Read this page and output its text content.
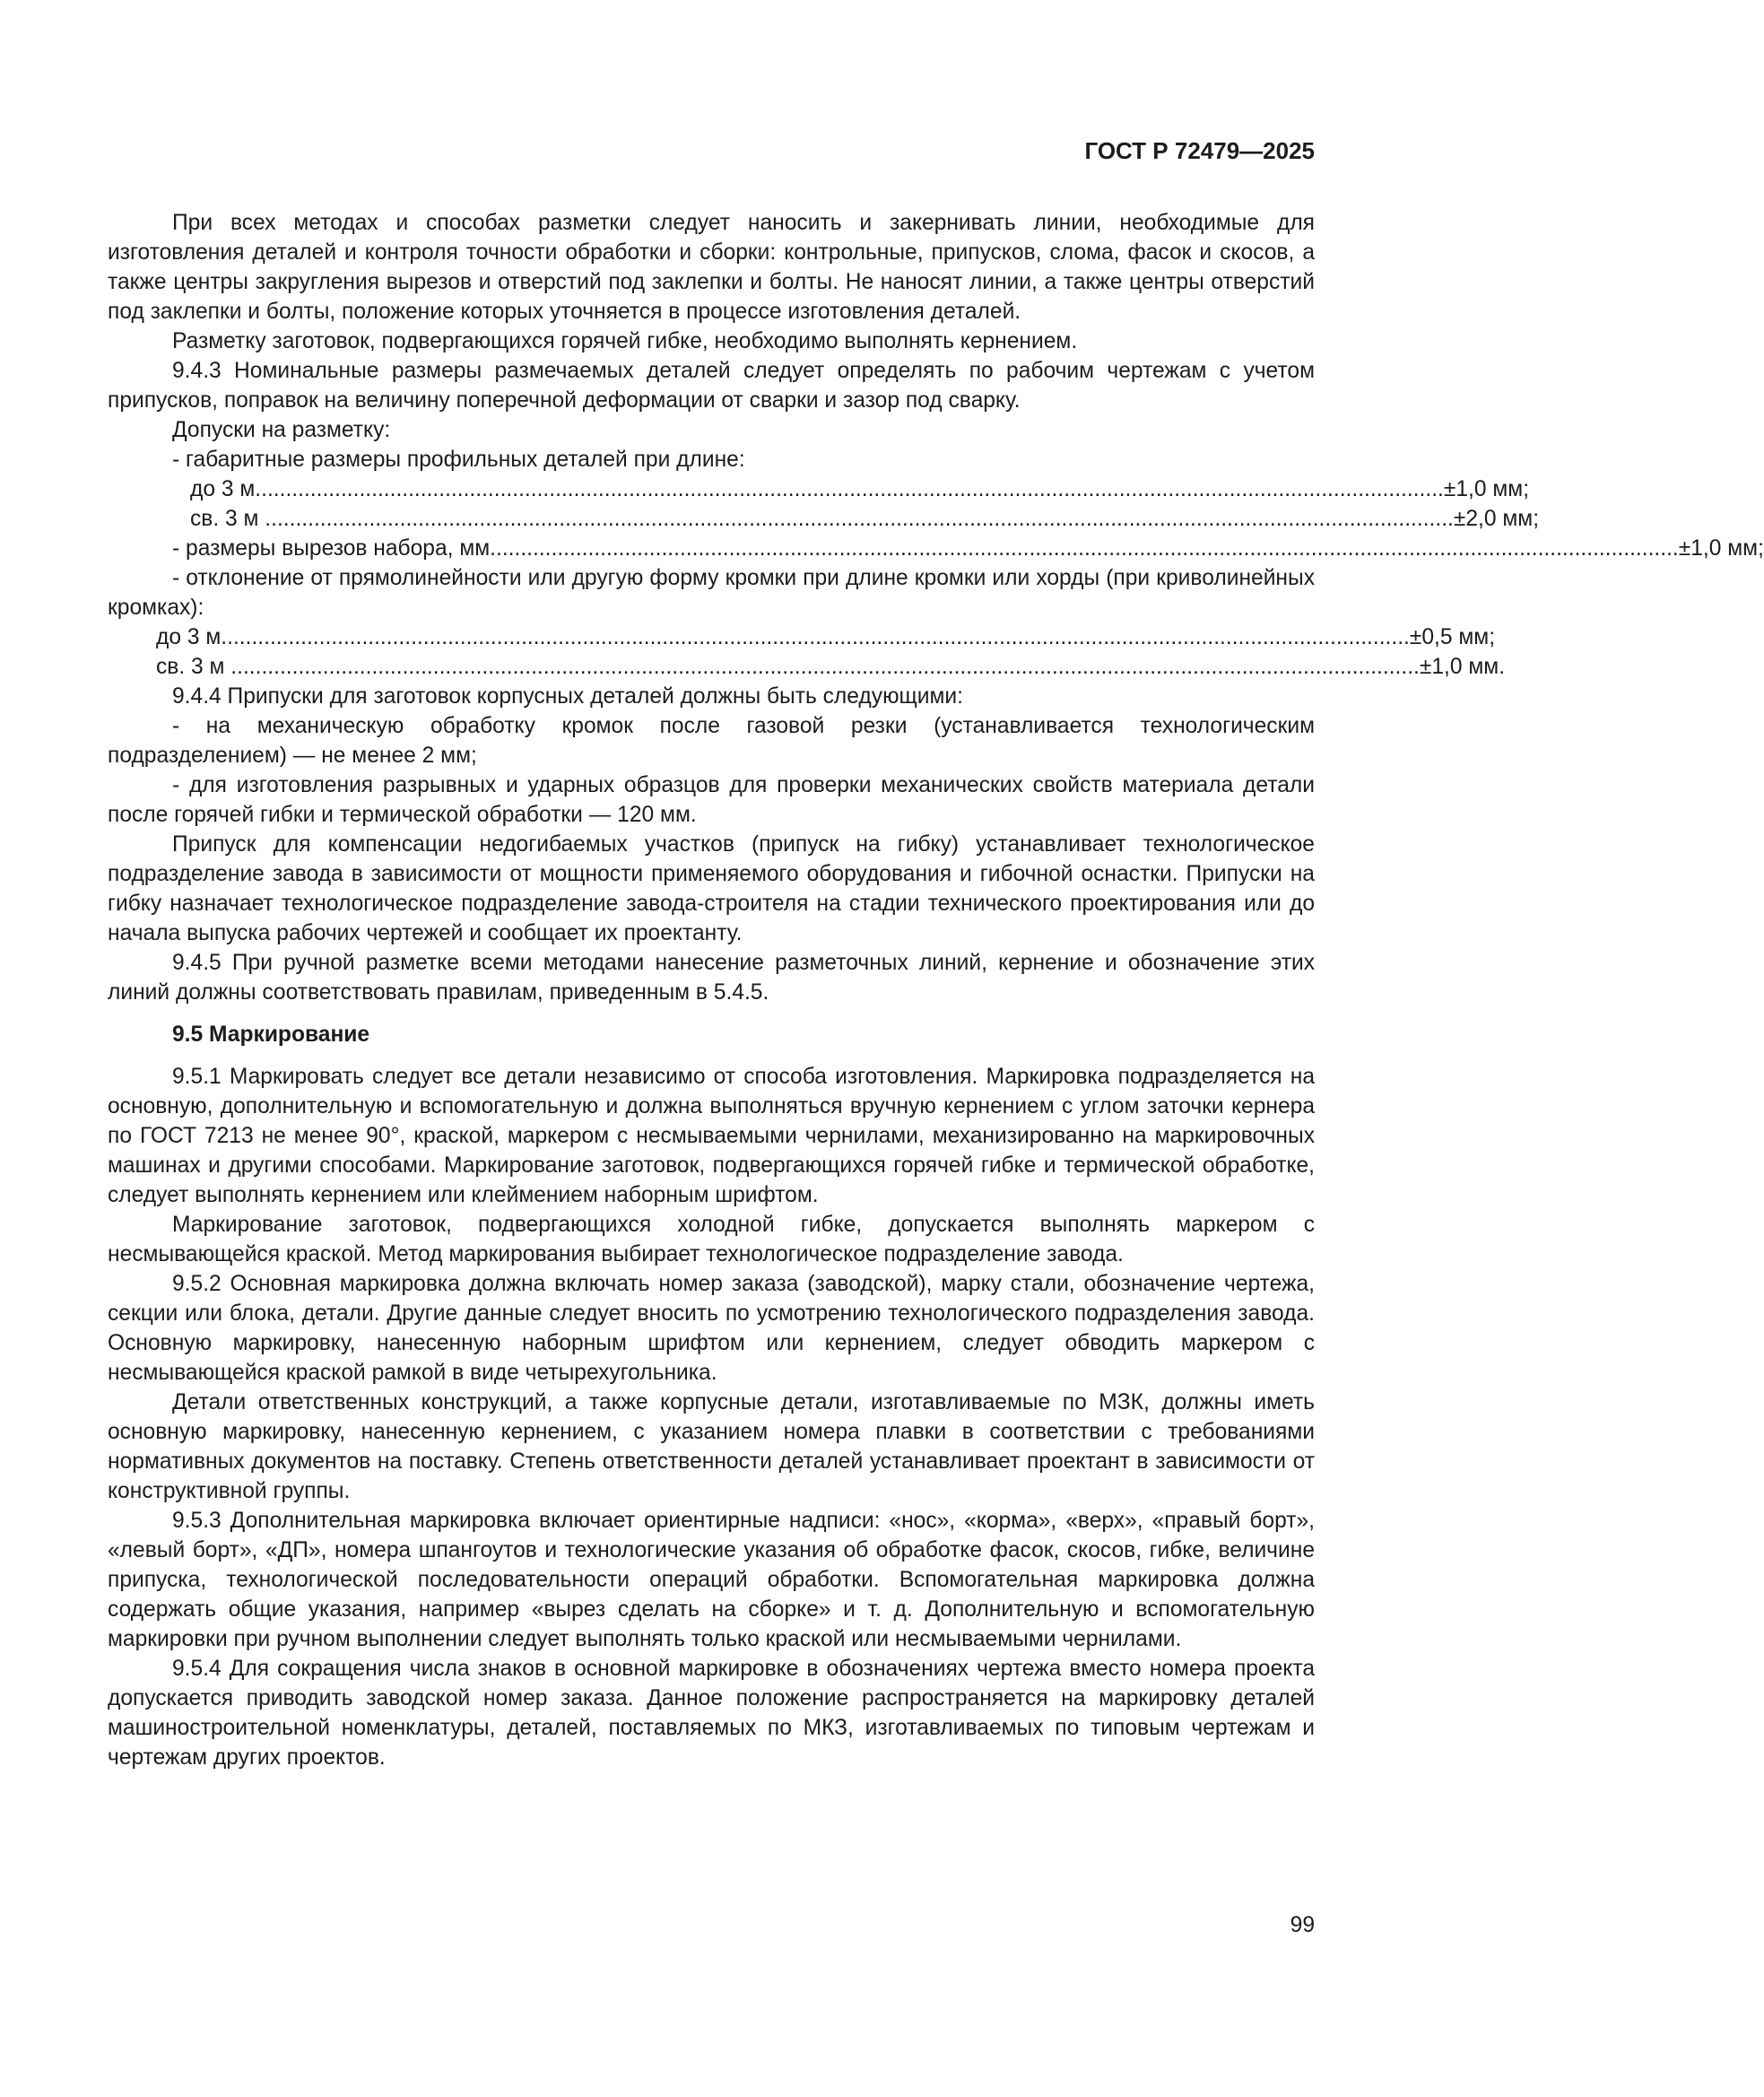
ГОСТ Р 72479—2025

При всех методах и способах разметки следует наносить и закернивать линии, необходимые для изготовления деталей и контроля точности обработки и сборки: контрольные, припусков, слома, фасок и скосов, а также центры закругления вырезов и отверстий под заклепки и болты. Не наносят линии, а также центры отверстий под заклепки и болты, положение которых уточняется в процессе изготовления деталей.

Разметку заготовок, подвергающихся горячей гибке, необходимо выполнять кернением.

9.4.3 Номинальные размеры размечаемых деталей следует определять по рабочим чертежам с учетом припусков, поправок на величину поперечной деформации от сварки и зазор под сварку.

Допуски на разметку:

- габаритные размеры профильных деталей при длине:

до 3 м .................................................................................................................................................................................................. ±1,0 мм;
св. 3 м .................................................................................................................................................................................................. ±2,0 мм;
- размеры вырезов набора, мм .................................................................................................................................................................................................. ±1,0 мм;

- отклонение от прямолинейности или другую форму кромки при длине кромки или хорды (при криволинейных кромках):

до 3 м .................................................................................................................................................................................................. ±0,5 мм;
св. 3 м .................................................................................................................................................................................................. ±1,0 мм.

9.4.4 Припуски для заготовок корпусных деталей должны быть следующими:

- на механическую обработку кромок после газовой резки (устанавливается технологическим подразделением) — не менее 2 мм;

- для изготовления разрывных и ударных образцов для проверки механических свойств материала детали после горячей гибки и термической обработки — 120 мм.

Припуск для компенсации недогибаемых участков (припуск на гибку) устанавливает технологическое подразделение завода в зависимости от мощности применяемого оборудования и гибочной оснастки. Припуски на гибку назначает технологическое подразделение завода-строителя на стадии технического проектирования или до начала выпуска рабочих чертежей и сообщает их проектанту.

9.4.5 При ручной разметке всеми методами нанесение разметочных линий, кернение и обозначение этих линий должны соответствовать правилам, приведенным в 5.4.5.

9.5 Маркирование

9.5.1 Маркировать следует все детали независимо от способа изготовления. Маркировка подразделяется на основную, дополнительную и вспомогательную и должна выполняться вручную кернением с углом заточки кернера по ГОСТ 7213 не менее 90°, краской, маркером с несмываемыми чернилами, механизированно на маркировочных машинах и другими способами. Маркирование заготовок, подвергающихся горячей гибке и термической обработке, следует выполнять кернением или клеймением наборным шрифтом.

Маркирование заготовок, подвергающихся холодной гибке, допускается выполнять маркером с несмывающейся краской. Метод маркирования выбирает технологическое подразделение завода.

9.5.2 Основная маркировка должна включать номер заказа (заводской), марку стали, обозначение чертежа, секции или блока, детали. Другие данные следует вносить по усмотрению технологического подразделения завода. Основную маркировку, нанесенную наборным шрифтом или кернением, следует обводить маркером с несмывающейся краской рамкой в виде четырехугольника.

Детали ответственных конструкций, а также корпусные детали, изготавливаемые по МЗК, должны иметь основную маркировку, нанесенную кернением, с указанием номера плавки в соответствии с требованиями нормативных документов на поставку. Степень ответственности деталей устанавливает проектант в зависимости от конструктивной группы.

9.5.3 Дополнительная маркировка включает ориентирные надписи: «нос», «корма», «верх», «правый борт», «левый борт», «ДП», номера шпангоутов и технологические указания об обработке фасок, скосов, гибке, величине припуска, технологической последовательности операций обработки. Вспомогательная маркировка должна содержать общие указания, например «вырез сделать на сборке» и т. д. Дополнительную и вспомогательную маркировки при ручном выполнении следует выполнять только краской или несмываемыми чернилами.

9.5.4 Для сокращения числа знаков в основной маркировке в обозначениях чертежа вместо номера проекта допускается приводить заводской номер заказа. Данное положение распространяется на маркировку деталей машиностроительной номенклатуры, деталей, поставляемых по МКЗ, изготавливаемых по типовым чертежам и чертежам других проектов.

99
